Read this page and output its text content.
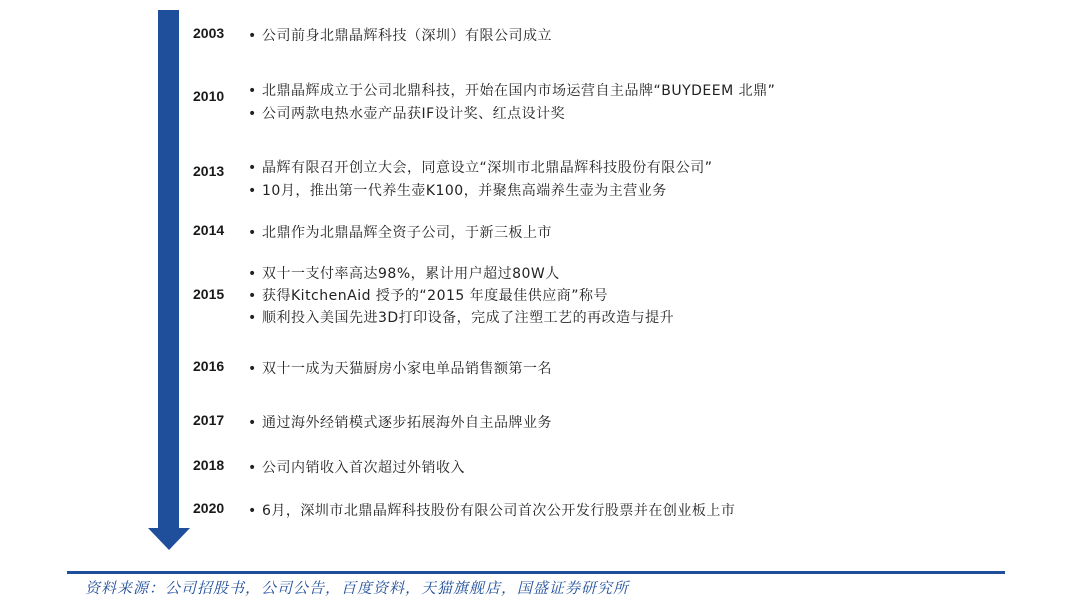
2003 • 公司前身北鼎晶辉科技（深圳）有限公司成立
2010 • 北鼎晶辉成立于公司北鼎科技，开始在国内市场运营自主品牌“BUYDEEM 北鼎”
• 公司两款电热水壶产品获IF设计奖、红点设计奖
2013 • 晶辉有限召开创立大会，同意设立“深圳市北鼎晶辉科技股份有限公司”
• 10月，推出第一代养生壶K100，并聚焦高端养生壶为主营业务
2014 • 北鼎作为北鼎晶辉全资子公司，于新三板上市
2015
• 双十一支付率高达98%，累计用户超过80W人
• 获得KitchenAid 授予的“2015 年度最佳供应商”称号
• 顺利投入美国先进3D打印设备，完成了注塑工艺的再改造与提升
2016 • 双十一成为天猫厨房小家电单品销售额第一名
2017 • 通过海外经销模式逐步拓展海外自主品牌业务
2018 • 公司内销收入首次超过外销收入
2020 • 6月，深圳市北鼎晶辉科技股份有限公司首次公开发行股票并在创业板上市
资料来源：公司招股书，公司公告，百度资料，天猫旗舰店，国盛证券研究所
